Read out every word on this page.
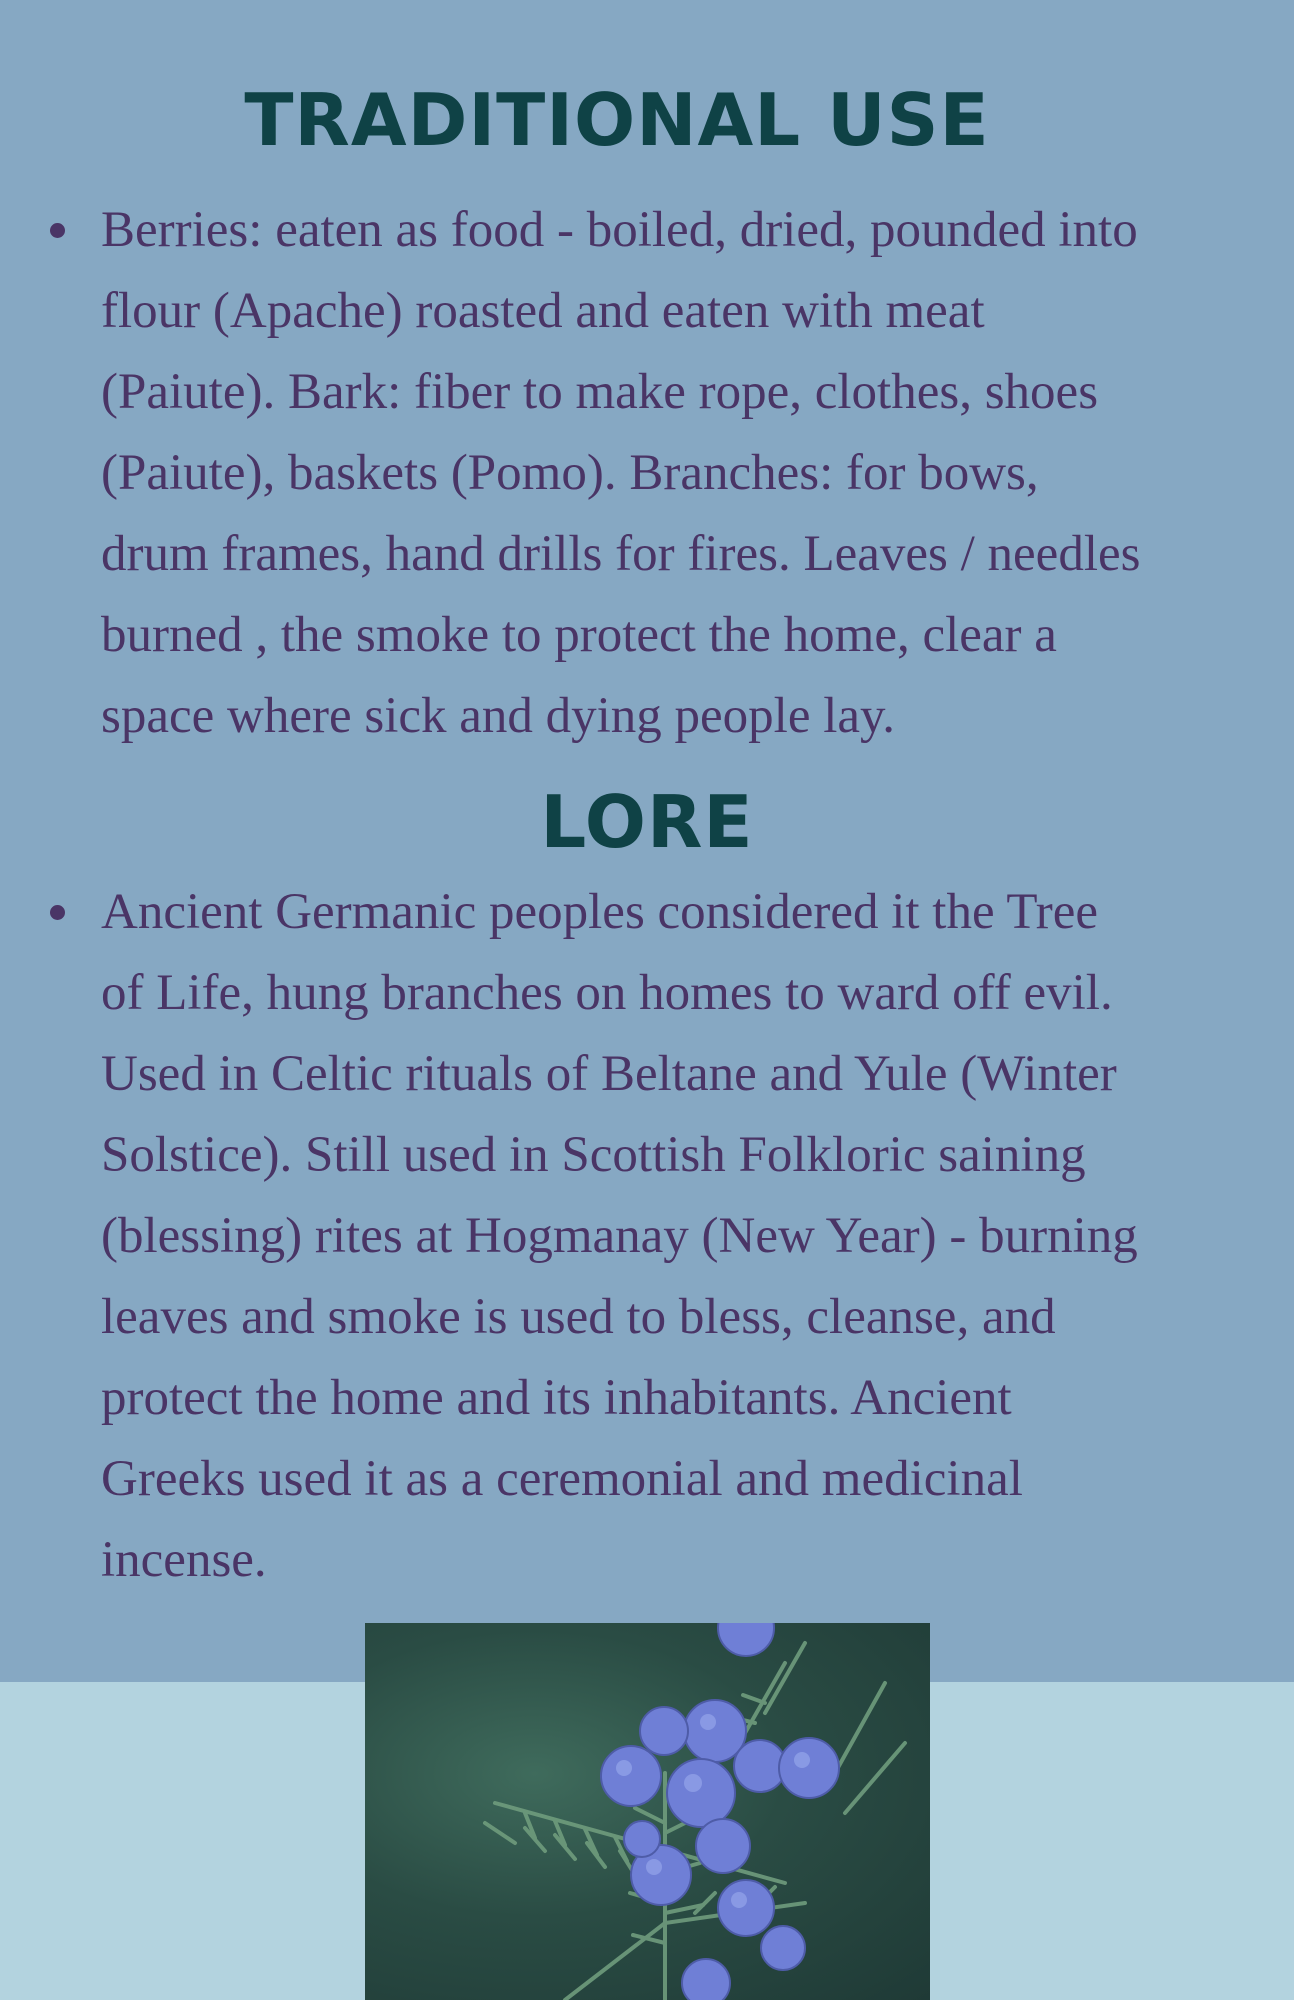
TRADITIONAL USE

Berries: eaten as food - boiled, dried, pounded into
flour (Apache) roasted and eaten with meat
(Paiute). Bark: fiber to make rope, clothes, shoes
(Paiute), baskets (Pomo). Branches: for bows,
drum frames, hand drills for fires. Leaves / needles
burned , the smoke to protect the home, clear a
space where sick and dying people lay.

LORE

Ancient Germanic peoples considered it the Tree
of Life, hung branches on homes to ward off evil.
Used in Celtic rituals of Beltane and Yule (Winter
Solstice). Still used in Scottish Folkloric saining
(blessing) rites at Hogmanay (New Year) - burning
leaves and smoke is used to bless, cleanse, and
protect the home and its inhabitants. Ancient
Greeks used it as a ceremonial and medicinal
incense.
